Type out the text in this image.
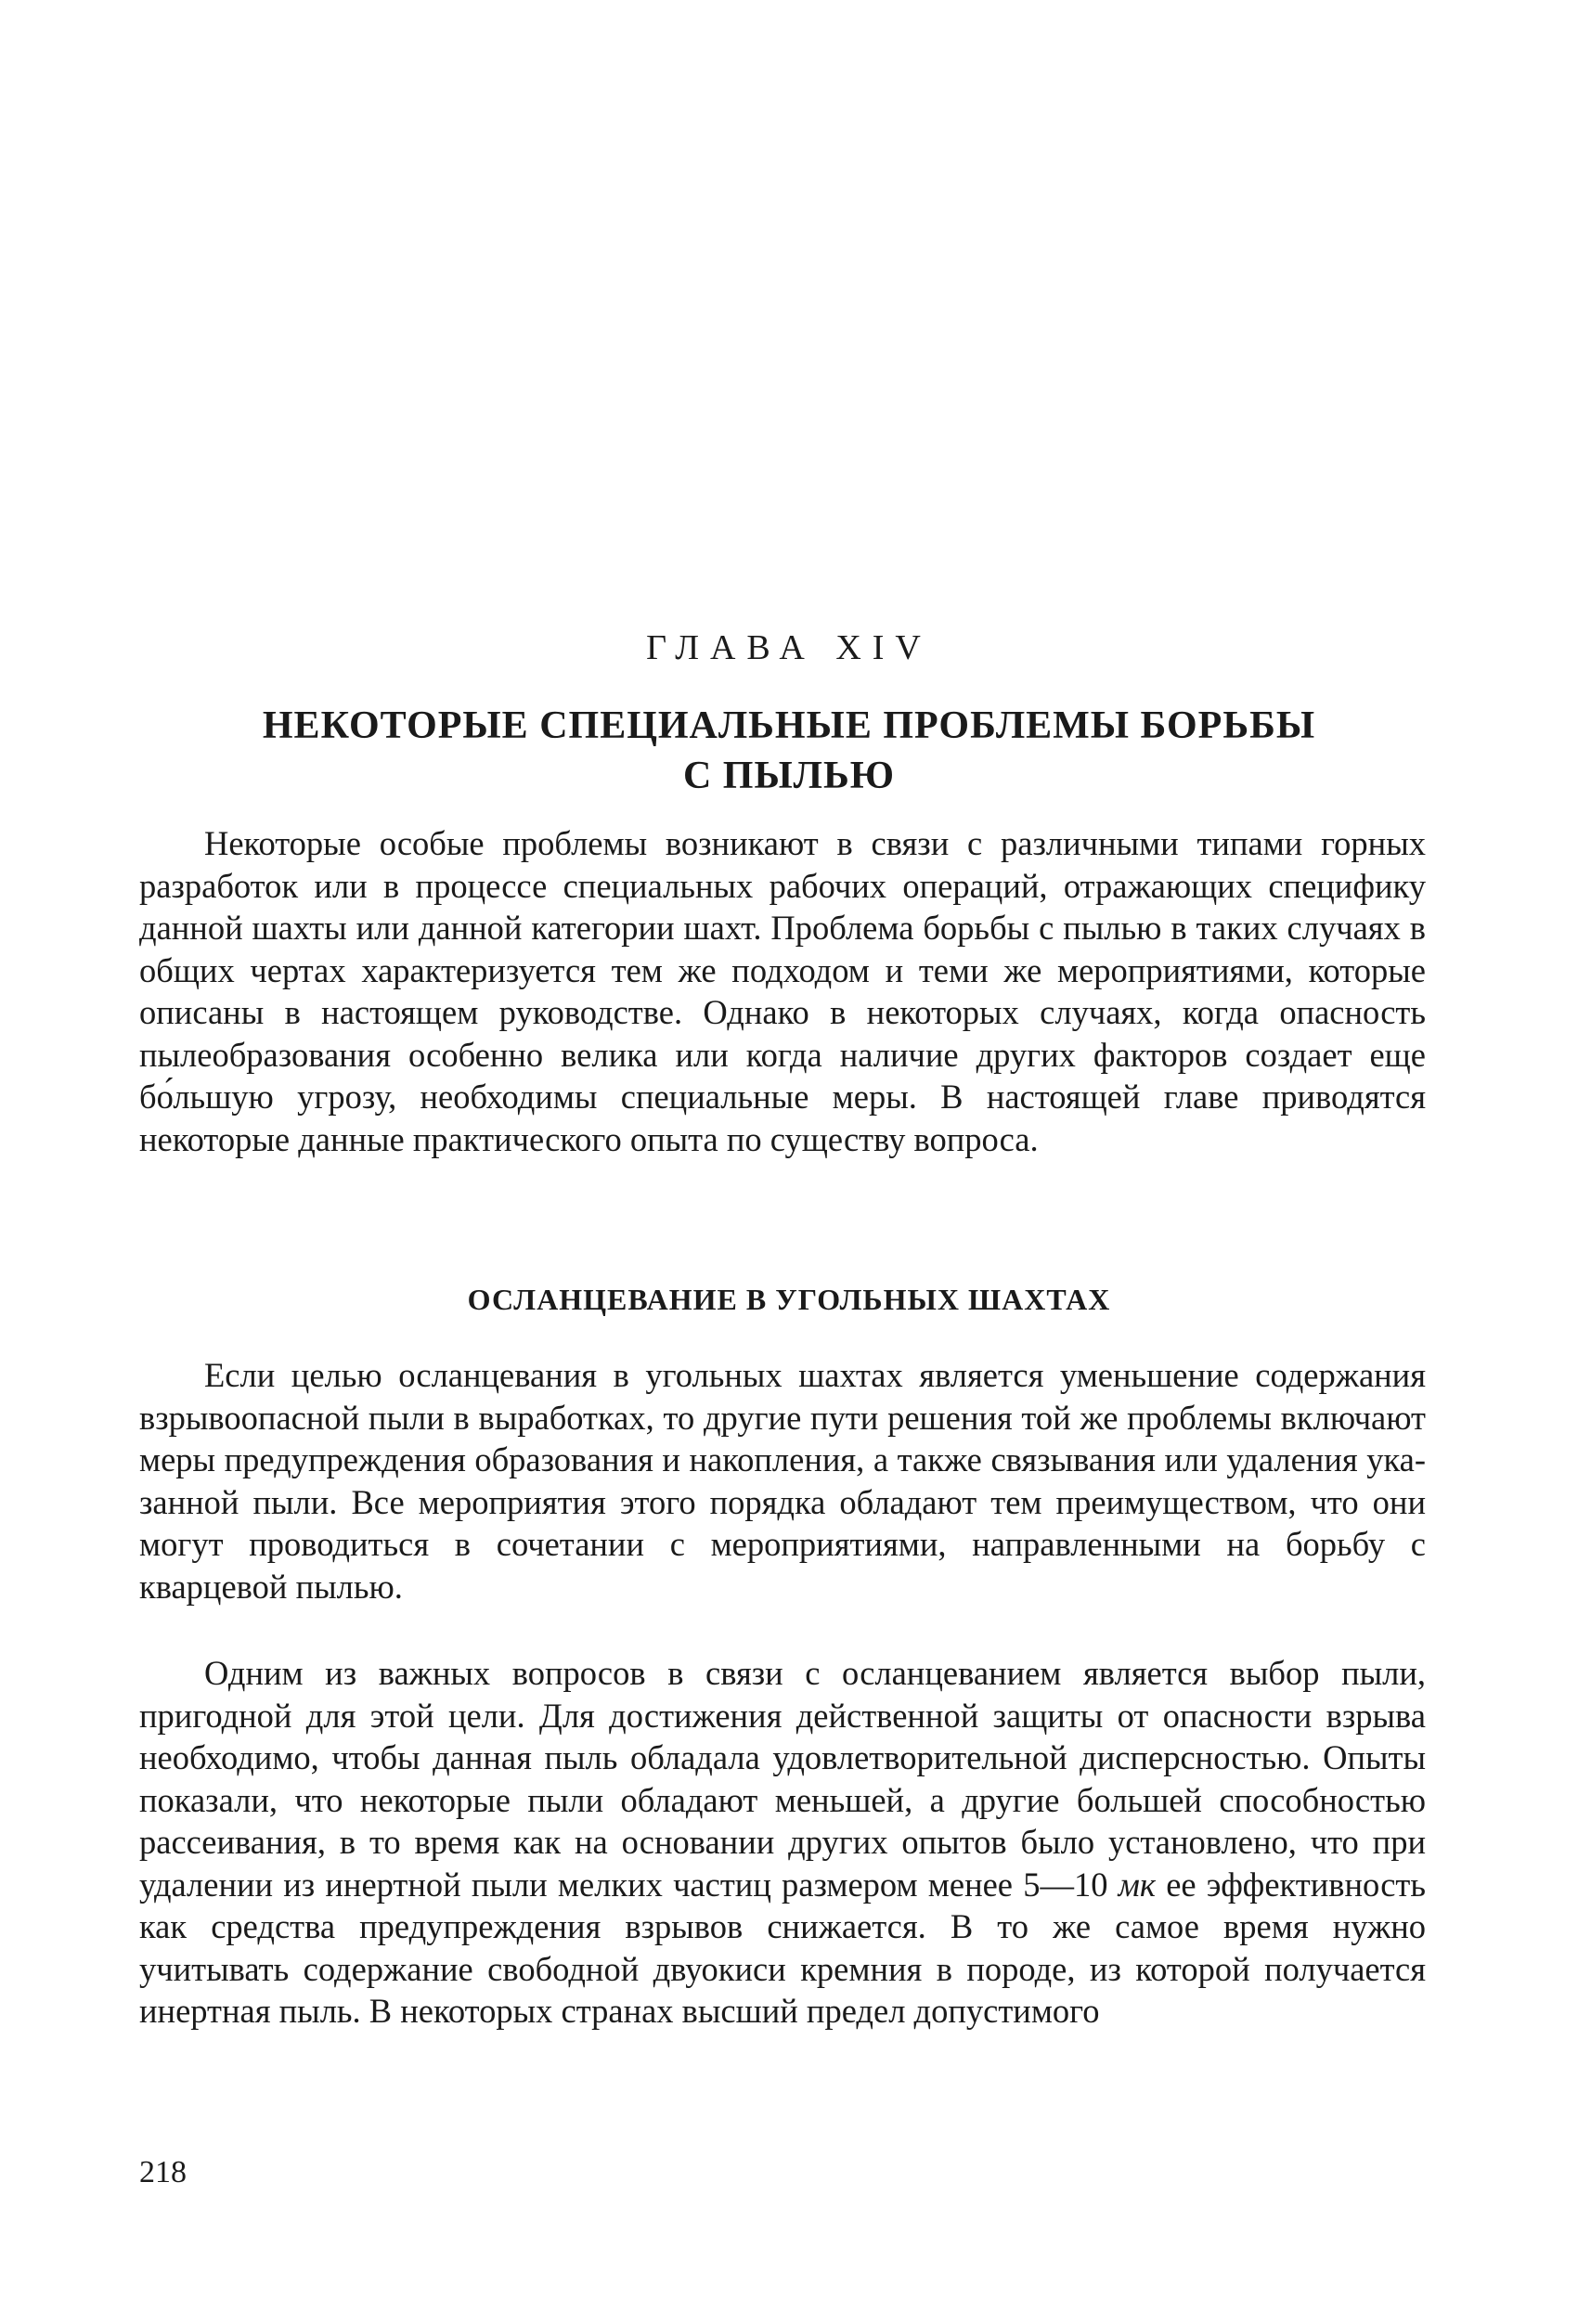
ГЛАВА XIV

НЕКОТОРЫЕ СПЕЦИАЛЬНЫЕ ПРОБЛЕМЫ БОРЬБЫ
С ПЫЛЬЮ

Некоторые особые проблемы возникают в связи с различными типами горных разработок или в процессе специальных рабочих операций, отражающих специфику данной шахты или данной категории шахт. Проблема борьбы с пылью в таких случаях в общих чертах характеризуется тем же подходом и теми же мероприятиями, которые описаны в настоящем руководстве. Однако в некоторых случаях, когда опасность пылеобразования особенно велика или когда наличие других факторов создает еще бо́льшую угрозу, необходимы специальные меры. В настоящей главе приводятся некоторые данные практического опыта по существу вопроса.

ОСЛАНЦЕВАНИЕ В УГОЛЬНЫХ ШАХТАХ

Если целью осланцевания в угольных шахтах является уменьшение содержания взрывоопасной пыли в выработках, то другие пути решения той же проблемы включают меры предупреждения образования и накопления, а также связывания или удаления указанной пыли. Все мероприятия этого порядка обладают тем преимуществом, что они могут проводиться в сочетании с мероприятиями, направленными на борьбу с кварцевой пылью.

Одним из важных вопросов в связи с осланцеванием является выбор пыли, пригодной для этой цели. Для достижения действенной защиты от опасности взрыва необходимо, чтобы данная пыль обладала удовлетворительной дисперсностью. Опыты показали, что некоторые пыли обладают меньшей, а другие большей способностью рассеивания, в то время как на основании других опытов было установлено, что при удалении из инертной пыли мелких частиц размером менее 5—10 мк ее эффективность как средства предупреждения взрывов снижается. В то же самое время нужно учитывать содержание свободной двуокиси кремния в породе, из которой получается инертная пыль. В некоторых странах высший предел допустимого

218
